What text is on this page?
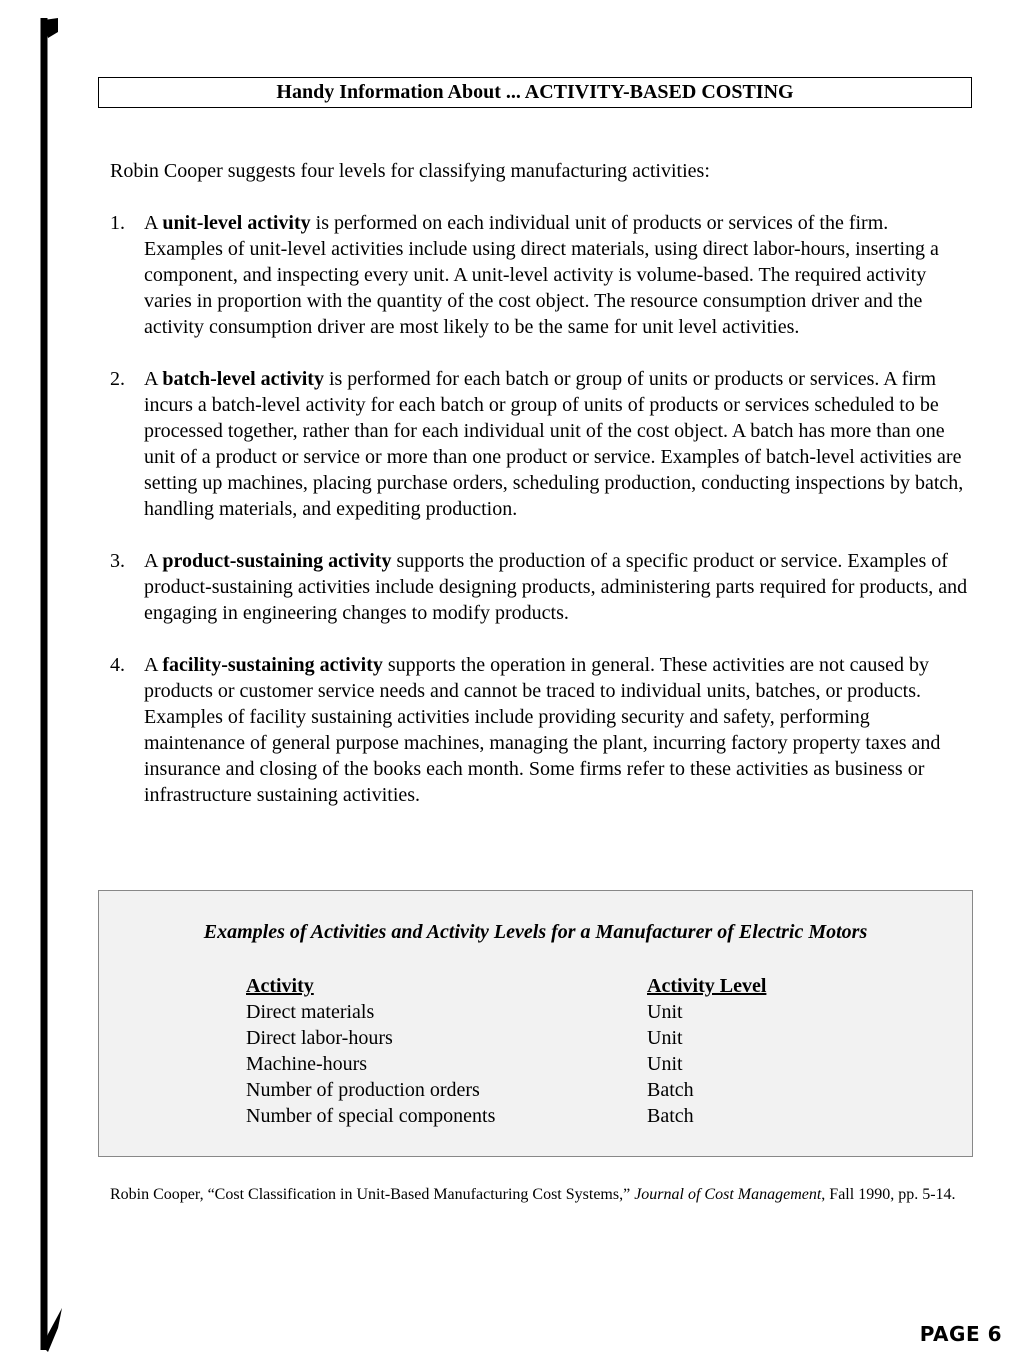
Handy Information About ... ACTIVITY-BASED COSTING
Robin Cooper suggests four levels for classifying manufacturing activities:
1. A unit-level activity is performed on each individual unit of products or services of the firm. Examples of unit-level activities include using direct materials, using direct labor-hours, inserting a component, and inspecting every unit. A unit-level activity is volume-based. The required activity varies in proportion with the quantity of the cost object. The resource consumption driver and the activity consumption driver are most likely to be the same for unit level activities.
2. A batch-level activity is performed for each batch or group of units or products or services. A firm incurs a batch-level activity for each batch or group of units of products or services scheduled to be processed together, rather than for each individual unit of the cost object. A batch has more than one unit of a product or service or more than one product or service. Examples of batch-level activities are setting up machines, placing purchase orders, scheduling production, conducting inspections by batch, handling materials, and expediting production.
3. A product-sustaining activity supports the production of a specific product or service. Examples of product-sustaining activities include designing products, administering parts required for products, and engaging in engineering changes to modify products.
4. A facility-sustaining activity supports the operation in general. These activities are not caused by products or customer service needs and cannot be traced to individual units, batches, or products. Examples of facility sustaining activities include providing security and safety, performing maintenance of general purpose machines, managing the plant, incurring factory property taxes and insurance and closing of the books each month. Some firms refer to these activities as business or infrastructure sustaining activities.
Examples of Activities and Activity Levels for a Manufacturer of Electric Motors
Activity	Activity Level
Direct materials	Unit
Direct labor-hours	Unit
Machine-hours	Unit
Number of production orders	Batch
Number of special components	Batch
Robin Cooper, “Cost Classification in Unit-Based Manufacturing Cost Systems,” Journal of Cost Management, Fall 1990, pp. 5-14.
PAGE 6
